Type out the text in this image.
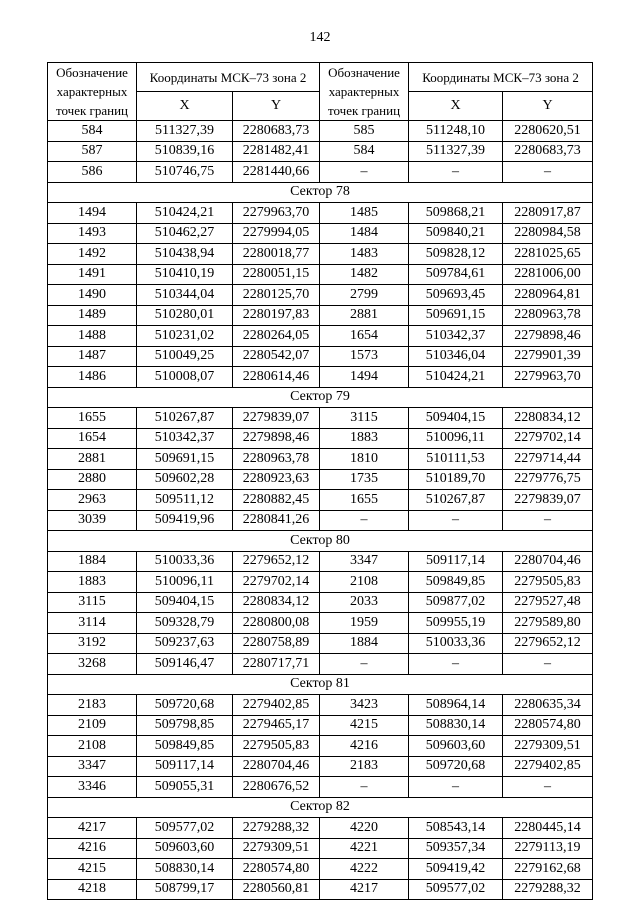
142
Обозначение характерных точек границ	Координаты МСК–73 зона 2		Обозначение характерных точек границ	Координаты МСК–73 зона 2	
	X	Y		X	Y
584	511327,39	2280683,73	585	511248,10	2280620,51
587	510839,16	2281482,41	584	511327,39	2280683,73
586	510746,75	2281440,66	–	–	–
Сектор 78					
1494	510424,21	2279963,70	1485	509868,21	2280917,87
1493	510462,27	2279994,05	1484	509840,21	2280984,58
1492	510438,94	2280018,77	1483	509828,12	2281025,65
1491	510410,19	2280051,15	1482	509784,61	2281006,00
1490	510344,04	2280125,70	2799	509693,45	2280964,81
1489	510280,01	2280197,83	2881	509691,15	2280963,78
1488	510231,02	2280264,05	1654	510342,37	2279898,46
1487	510049,25	2280542,07	1573	510346,04	2279901,39
1486	510008,07	2280614,46	1494	510424,21	2279963,70
Сектор 79					
1655	510267,87	2279839,07	3115	509404,15	2280834,12
1654	510342,37	2279898,46	1883	510096,11	2279702,14
2881	509691,15	2280963,78	1810	510111,53	2279714,44
2880	509602,28	2280923,63	1735	510189,70	2279776,75
2963	509511,12	2280882,45	1655	510267,87	2279839,07
3039	509419,96	2280841,26	–	–	–
Сектор 80					
1884	510033,36	2279652,12	3347	509117,14	2280704,46
1883	510096,11	2279702,14	2108	509849,85	2279505,83
3115	509404,15	2280834,12	2033	509877,02	2279527,48
3114	509328,79	2280800,08	1959	509955,19	2279589,80
3192	509237,63	2280758,89	1884	510033,36	2279652,12
3268	509146,47	2280717,71	–	–	–
Сектор 81					
2183	509720,68	2279402,85	3423	508964,14	2280635,34
2109	509798,85	2279465,17	4215	508830,14	2280574,80
2108	509849,85	2279505,83	4216	509603,60	2279309,51
3347	509117,14	2280704,46	2183	509720,68	2279402,85
3346	509055,31	2280676,52	–	–	–
Сектор 82					
4217	509577,02	2279288,32	4220	508543,14	2280445,14
4216	509603,60	2279309,51	4221	509357,34	2279113,19
4215	508830,14	2280574,80	4222	509419,42	2279162,68
4218	508799,17	2280560,81	4217	509577,02	2279288,32
